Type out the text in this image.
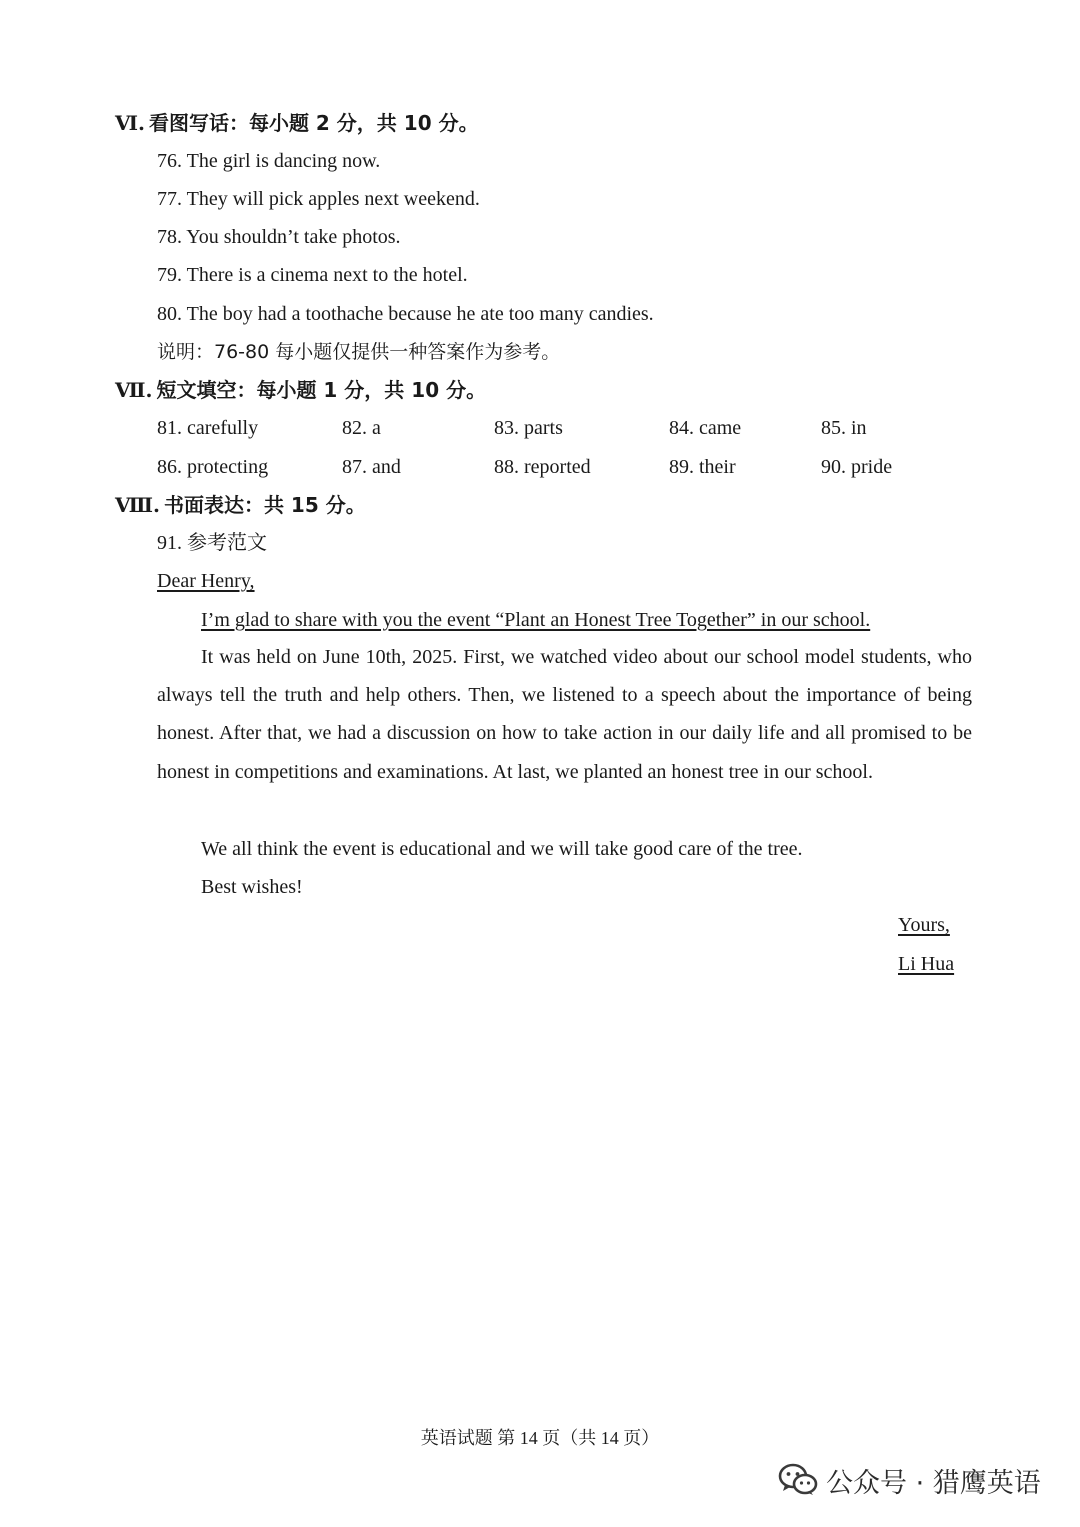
Ⅵ. 看图写话：每小题 2 分，共 10 分。
76. The girl is dancing now.
77. They will pick apples next weekend.
78. You shouldn’t take photos.
79. There is a cinema next to the hotel.
80. The boy had a toothache because he ate too many candies.
说明：76-80 每小题仅提供一种答案作为参考。
Ⅶ. 短文填空：每小题 1 分，共 10 分。
81. carefully	82. a	83. parts	84. came	85. in
86. protecting	87. and	88. reported	89. their	90. pride
Ⅷ. 书面表达：共 15 分。
91. 参考范文
Dear Henry,
I’m glad to share with you the event “Plant an Honest Tree Together” in our school.
It was held on June 10th, 2025. First, we watched video about our school model students, who always tell the truth and help others. Then, we listened to a speech about the importance of being honest. After that, we had a discussion on how to take action in our daily life and all promised to be honest in competitions and examinations. At last, we planted an honest tree in our school.
We all think the event is educational and we will take good care of the tree.
Best wishes!
Yours,
Li Hua
英语试题 第 14 页（共 14 页）
公众号 · 猎鹰英语
